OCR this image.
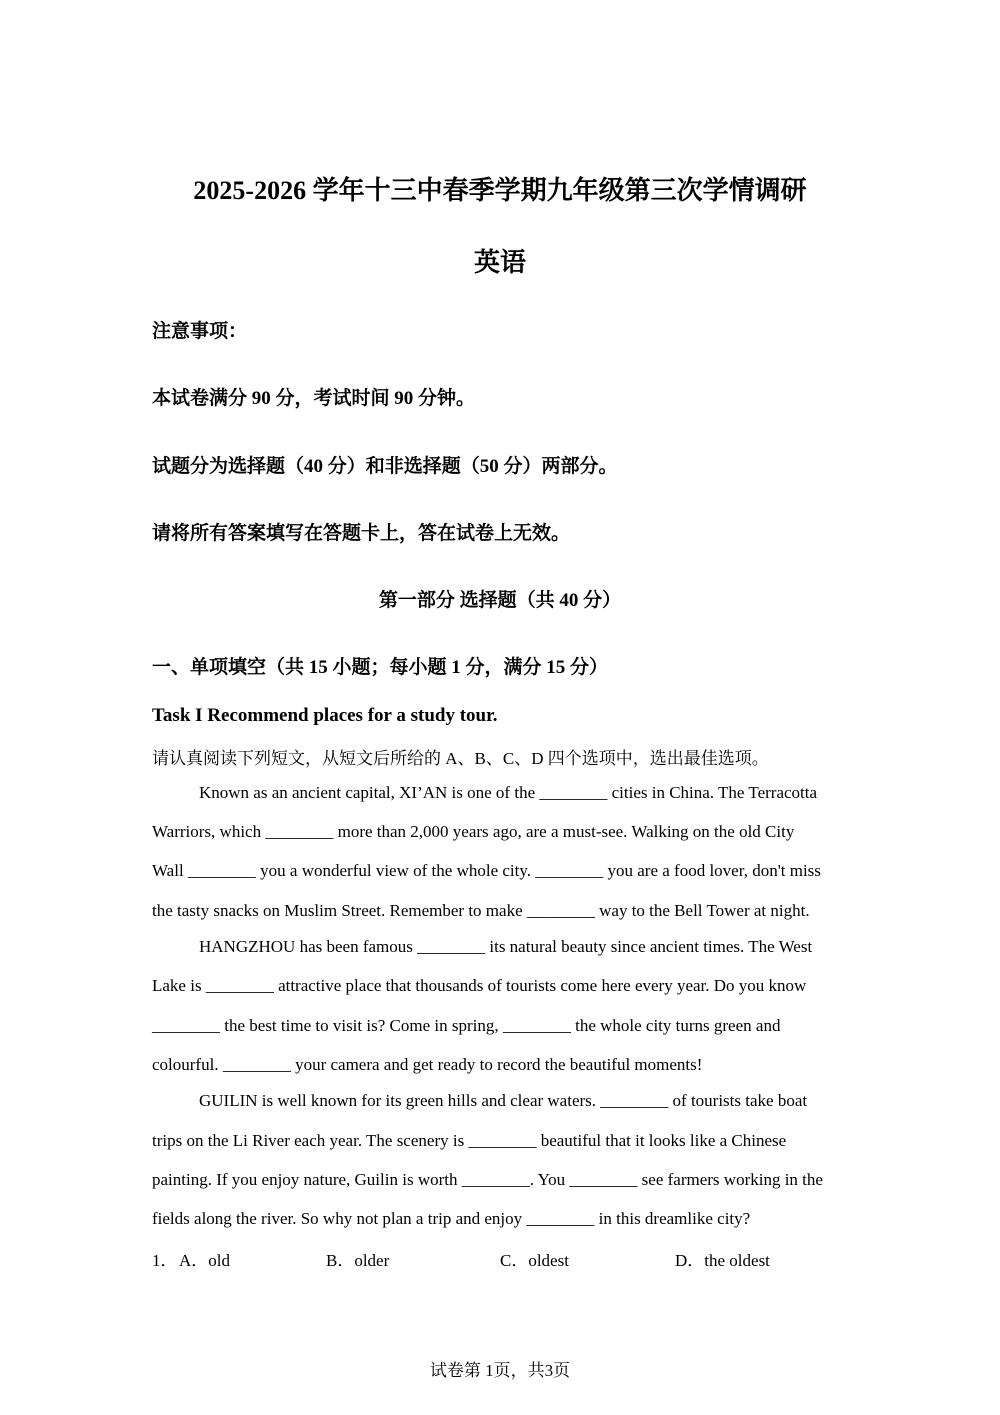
2025-2026 学年十三中春季学期九年级第三次学情调研
英语
注意事项：
本试卷满分 90 分，考试时间 90 分钟。
试题分为选择题（40 分）和非选择题（50 分）两部分。
请将所有答案填写在答题卡上，答在试卷上无效。
第一部分 选择题（共 40 分）
一、单项填空（共 15 小题；每小题 1 分，满分 15 分）
Task I Recommend places for a study tour.
请认真阅读下列短文，从短文后所给的 A、B、C、D 四个选项中，选出最佳选项。
Known as an ancient capital, XI’AN is one of the ________ cities in China. The Terracotta
Warriors, which ________ more than 2,000 years ago, are a must-see. Walking on the old City
Wall ________ you a wonderful view of the whole city. ________ you are a food lover, don't miss
the tasty snacks on Muslim Street. Remember to make ________ way to the Bell Tower at night.
HANGZHOU has been famous ________ its natural beauty since ancient times. The West
Lake is ________ attractive place that thousands of tourists come here every year. Do you know
________ the best time to visit is? Come in spring, ________ the whole city turns green and
colourful. ________ your camera and get ready to record the beautiful moments!
GUILIN is well known for its green hills and clear waters. ________ of tourists take boat
trips on the Li River each year. The scenery is ________ beautiful that it looks like a Chinese
painting. If you enjoy nature, Guilin is worth ________. You ________ see farmers working in the
fields along the river. So why not plan a trip and enjoy ________ in this dreamlike city?
1． A．old	B．older	C．oldest	D．the oldest
试卷第 1页，共3页
